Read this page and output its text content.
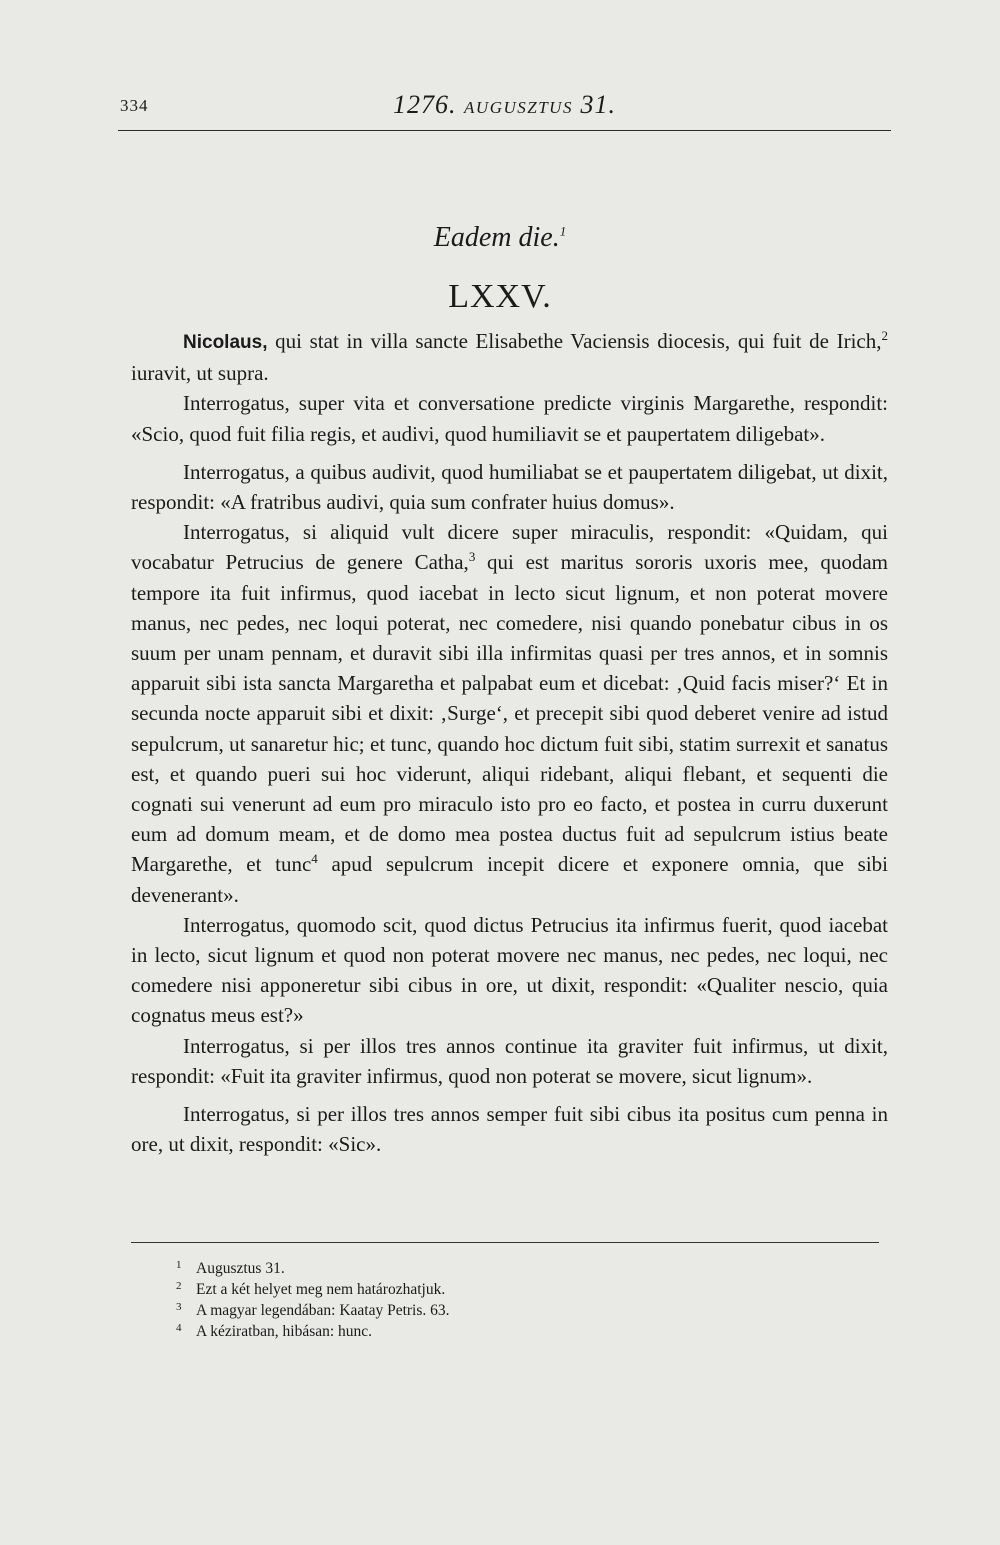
334	1276. AUGUSZTUS 31.
Eadem die.$^1$
LXXV.

Nicolaus, qui stat in villa sancte Elisabethe Vaciensis diocesis, qui fuit de Irich,$^2$ iuravit, ut supra.

Interrogatus, super vita et conversatione predicte virginis Margarethe, respondit: «Scio, quod fuit filia regis, et audivi, quod humiliavit se et paupertatem diligebat».

Interrogatus, a quibus audivit, quod humiliabat se et paupertatem diligebat, ut dixit, respondit: «A fratribus audivi, quia sum confrater huius domus».

Interrogatus, si aliquid vult dicere super miraculis, respondit: «Quidam, qui vocabatur Petrucius de genere Catha,$^3$ qui est maritus sororis uxoris mee, quodam tempore ita fuit infirmus, quod iacebat in lecto sicut lignum, et non poterat movere manus, nec pedes, nec loqui poterat, nec comedere, nisi quando ponebatur cibus in os suum per unam pennam, et duravit sibi illa infirmitas quasi per tres annos, et in somnis apparuit sibi ista sancta Margaretha et palpabat eum et dicebat: ‚Quid facis miser?‘ Et in secunda nocte apparuit sibi et dixit: ‚Surge‘, et precepit sibi quod deberet venire ad istud sepulcrum, ut sanaretur hic; et tunc, quando hoc dictum fuit sibi, statim surrexit et sanatus est, et quando pueri sui hoc viderunt, aliqui ridebant, aliqui flebant, et sequenti die cognati sui venerunt ad eum pro miraculo isto pro eo facto, et postea in curru duxerunt eum ad domum meam, et de domo mea postea ductus fuit ad sepulcrum istius beate Margarethe, et tunc$^4$ apud sepulcrum incepit dicere et exponere omnia, que sibi devenerant».

Interrogatus, quomodo scit, quod dictus Petrucius ita infirmus fuerit, quod iacebat in lecto, sicut lignum et quod non poterat movere nec manus, nec pedes, nec loqui, nec comedere nisi apponeretur sibi cibus in ore, ut dixit, respondit: «Qualiter nescio, quia cognatus meus est?»

Interrogatus, si per illos tres annos continue ita graviter fuit infirmus, ut dixit, respondit: «Fuit ita graviter infirmus, quod non poterat se movere, sicut lignum».

Interrogatus, si per illos tres annos semper fuit sibi cibus ita positus cum penna in ore, ut dixit, respondit: «Sic».

1 Augusztus 31.
2 Ezt a két helyet meg nem határozhatjuk.
3 A magyar legendában: Kaatay Petris. 63.
4 A kéziratban, hibásan: hunc.
